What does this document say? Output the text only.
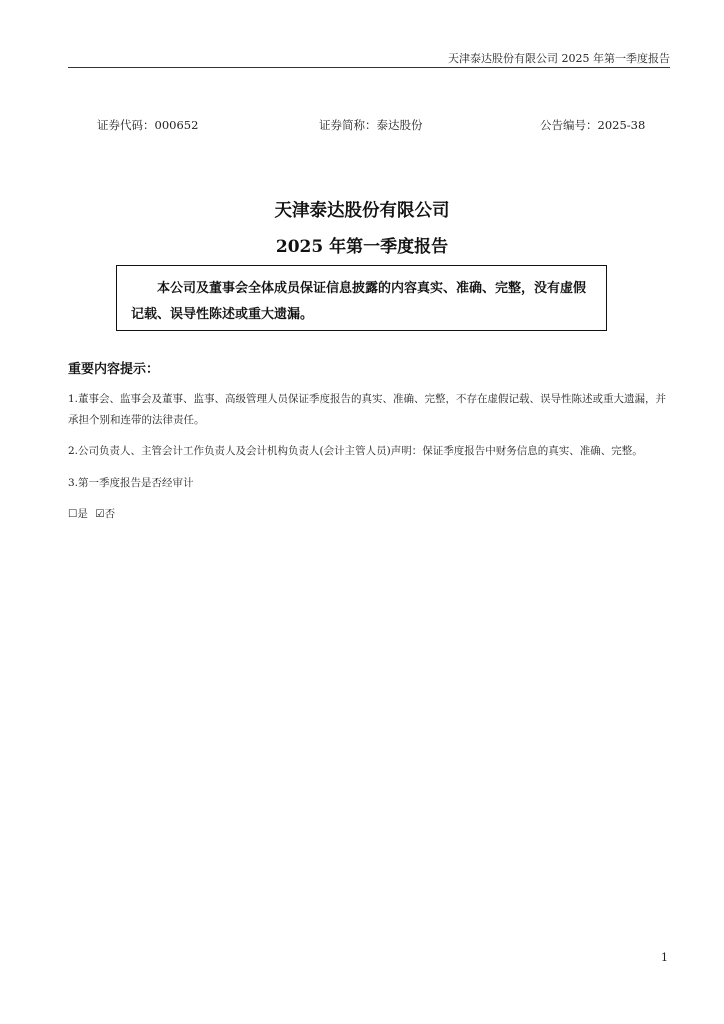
天津泰达股份有限公司 2025 年第一季度报告
证券代码：000652	证券简称：泰达股份	公告编号：2025-38
天津泰达股份有限公司
2025 年第一季度报告

本公司及董事会全体成员保证信息披露的内容真实、准确、完整，没有虚假记载、误导性陈述或重大遗漏。

重要内容提示：
1.董事会、监事会及董事、监事、高级管理人员保证季度报告的真实、准确、完整，不存在虚假记载、误导性陈述或重大遗漏，并承担个别和连带的法律责任。
2.公司负责人、主管会计工作负责人及会计机构负责人(会计主管人员)声明：保证季度报告中财务信息的真实、准确、完整。
3.第一季度报告是否经审计
☐是 ☑否
1
